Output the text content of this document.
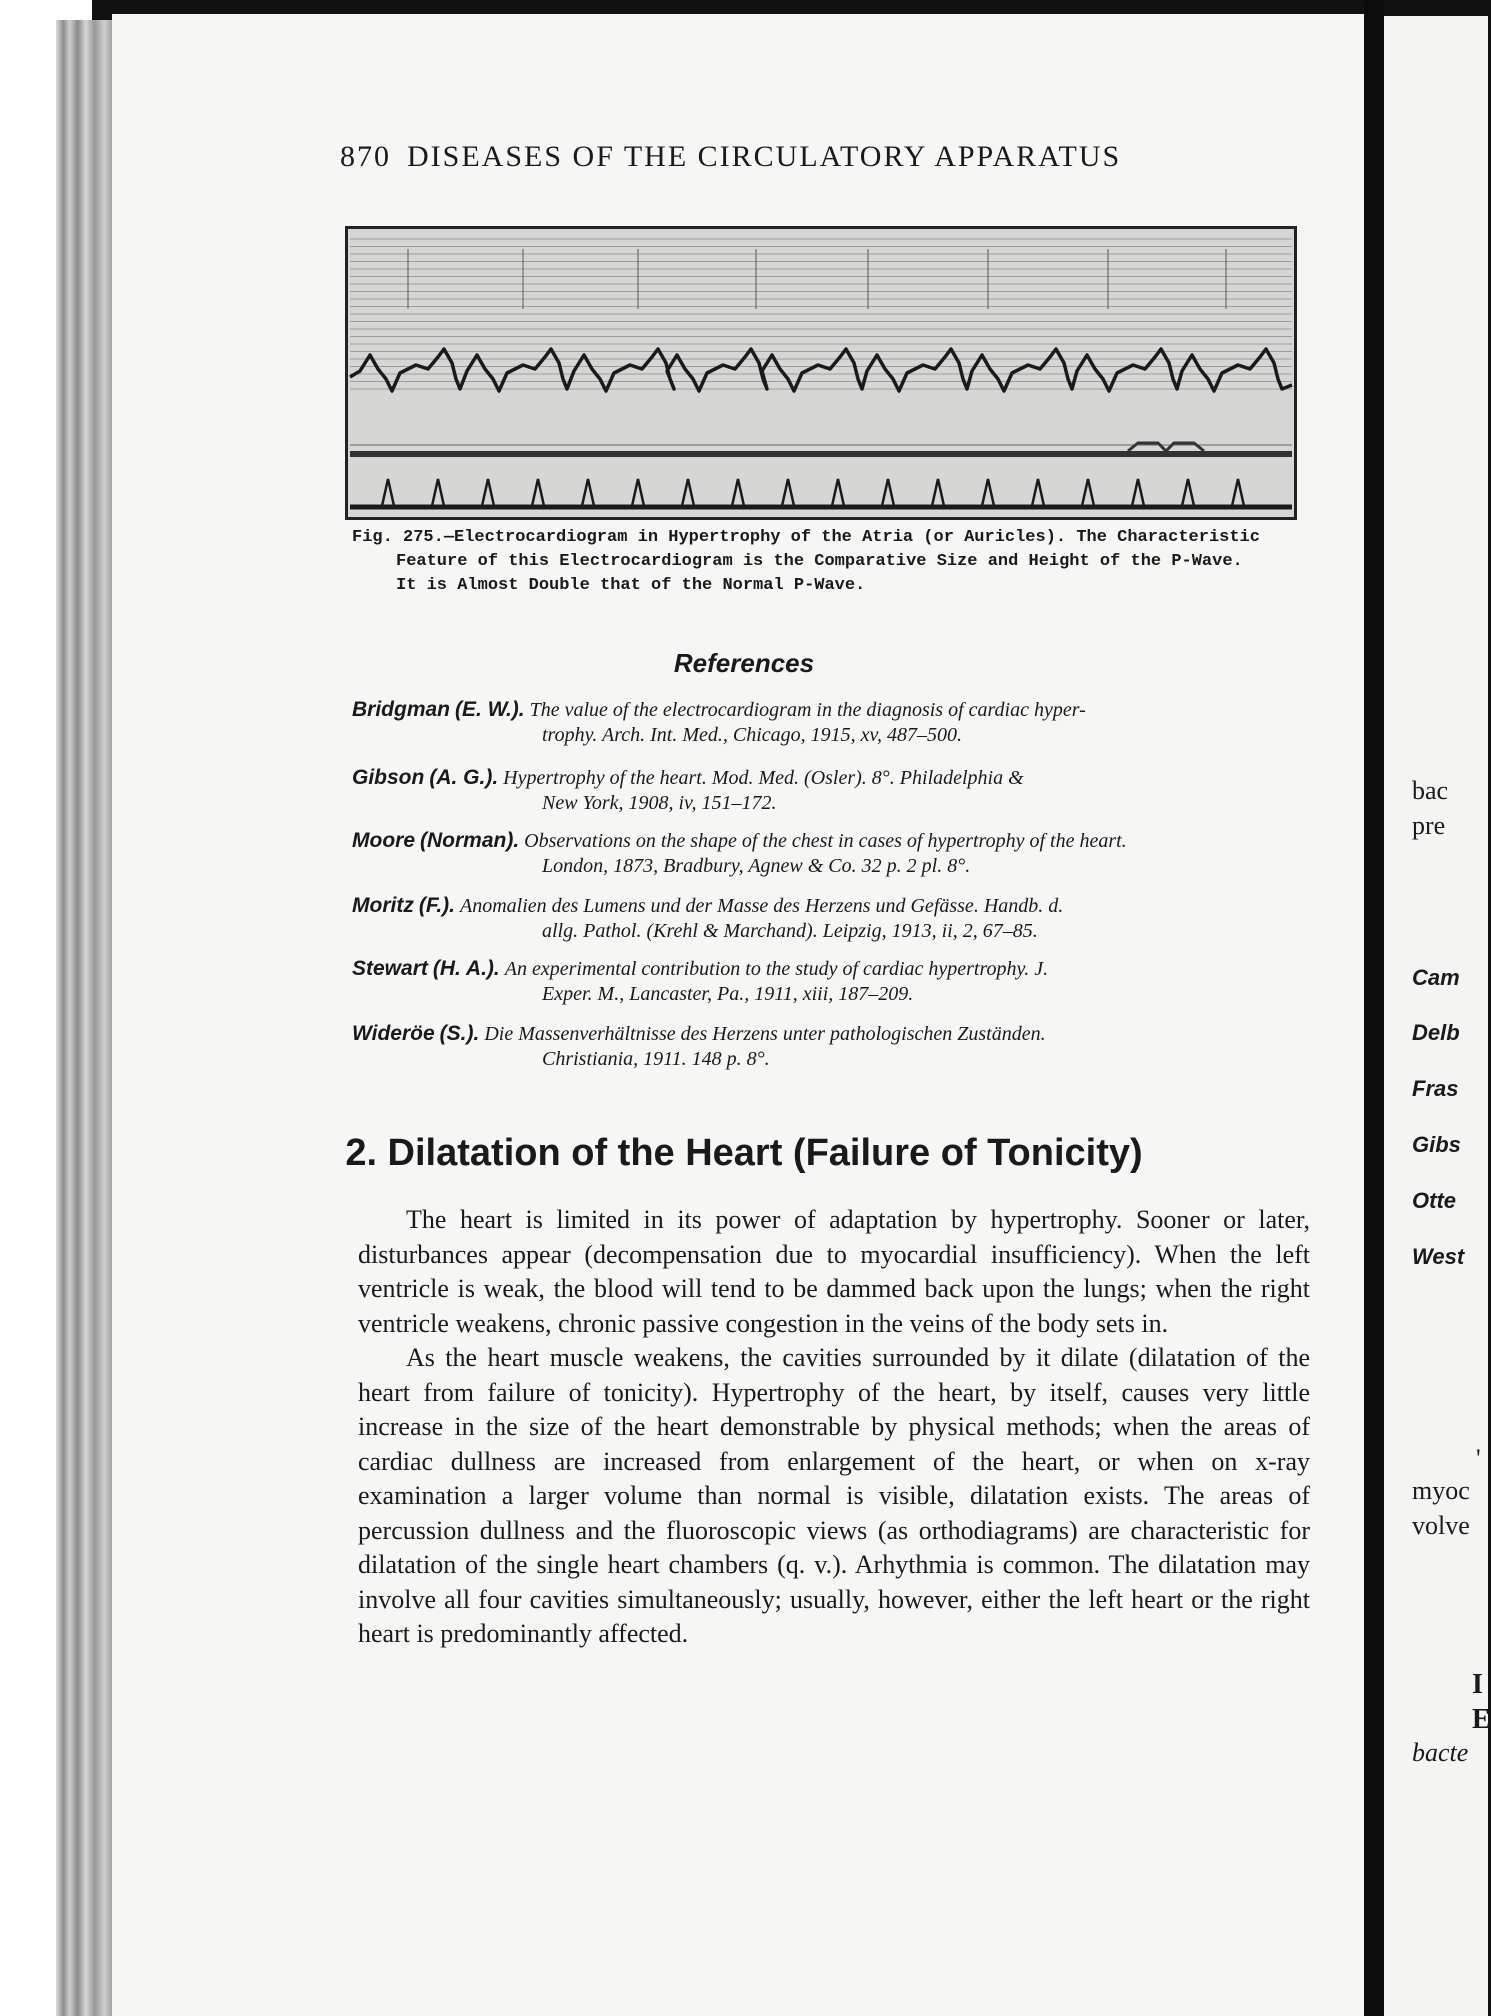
870 DISEASES OF THE CIRCULATORY APPARATUS
Fig. 275.—Electrocardiogram in Hypertrophy of the Atria (or Auricles). The Characteristic
Feature of this Electrocardiogram is the Comparative Size and Height of the P-Wave.
It is Almost Double that of the Normal P-Wave.
References
Bridgman (E. W.). The value of the electrocardiogram in the diagnosis of cardiac hyper-
trophy. Arch. Int. Med., Chicago, 1915, xv, 487–500.
Gibson (A. G.). Hypertrophy of the heart. Mod. Med. (Osler). 8°. Philadelphia &
New York, 1908, iv, 151–172.
Moore (Norman). Observations on the shape of the chest in cases of hypertrophy of the heart.
London, 1873, Bradbury, Agnew & Co. 32 p. 2 pl. 8°.
Moritz (F.). Anomalien des Lumens und der Masse des Herzens und Gefässe. Handb. d.
allg. Pathol. (Krehl & Marchand). Leipzig, 1913, ii, 2, 67–85.
Stewart (H. A.). An experimental contribution to the study of cardiac hypertrophy. J.
Exper. M., Lancaster, Pa., 1911, xiii, 187–209.
Wideröe (S.). Die Massenverhältnisse des Herzens unter pathologischen Zuständen.
Christiania, 1911. 148 p. 8°.
2. Dilatation of the Heart (Failure of Tonicity)

The heart is limited in its power of adaptation by hypertrophy. Sooner or later, disturbances appear (decompensation due to myocardial insufficiency). When the left ventricle is weak, the blood will tend to be dammed back upon the lungs; when the right ventricle weakens, chronic passive congestion in the veins of the body sets in.

As the heart muscle weakens, the cavities surrounded by it dilate (dilatation of the heart from failure of tonicity). Hypertrophy of the heart, by itself, causes very little increase in the size of the heart demonstrable by physical methods; when the areas of cardiac dullness are increased from enlargement of the heart, or when on x-ray examination a larger volume than normal is visible, dilatation exists. The areas of percussion dullness and the fluoroscopic views (as orthodiagrams) are characteristic for dilatation of the single heart chambers (q. v.). Arhythmia is common. The dilatation may involve all four cavities simultaneously; usually, however, either the left heart or the right heart is predominantly affected.

bac
pre
Cam
Delb
Fras
Gibs
Otte
West
'
myoc
volve
I
E
bacte
